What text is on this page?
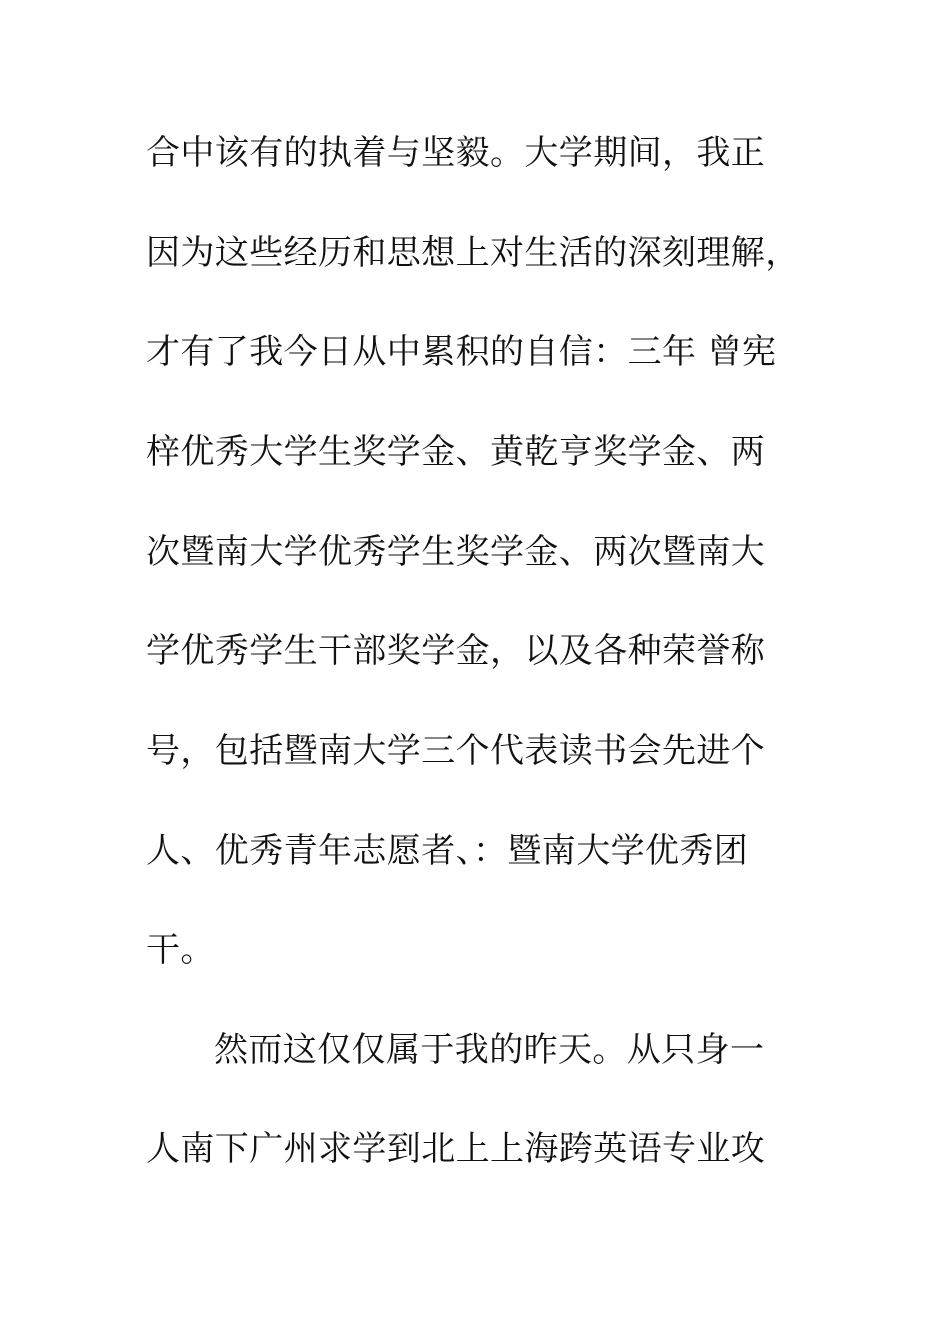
合中该有的执着与坚毅。大学期间，我正
因为这些经历和思想上对生活的深刻理解，
才有了我今日从中累积的自信：三年 曾宪
梓优秀大学生奖学金、黄乾亨奖学金、两
次暨南大学优秀学生奖学金、两次暨南大
学优秀学生干部奖学金，以及各种荣誉称
号，包括暨南大学三个代表读书会先进个
人、优秀青年志愿者、：暨南大学优秀团
干。
然而这仅仅属于我的昨天。从只身一
人南下广州求学到北上上海跨英语专业攻
